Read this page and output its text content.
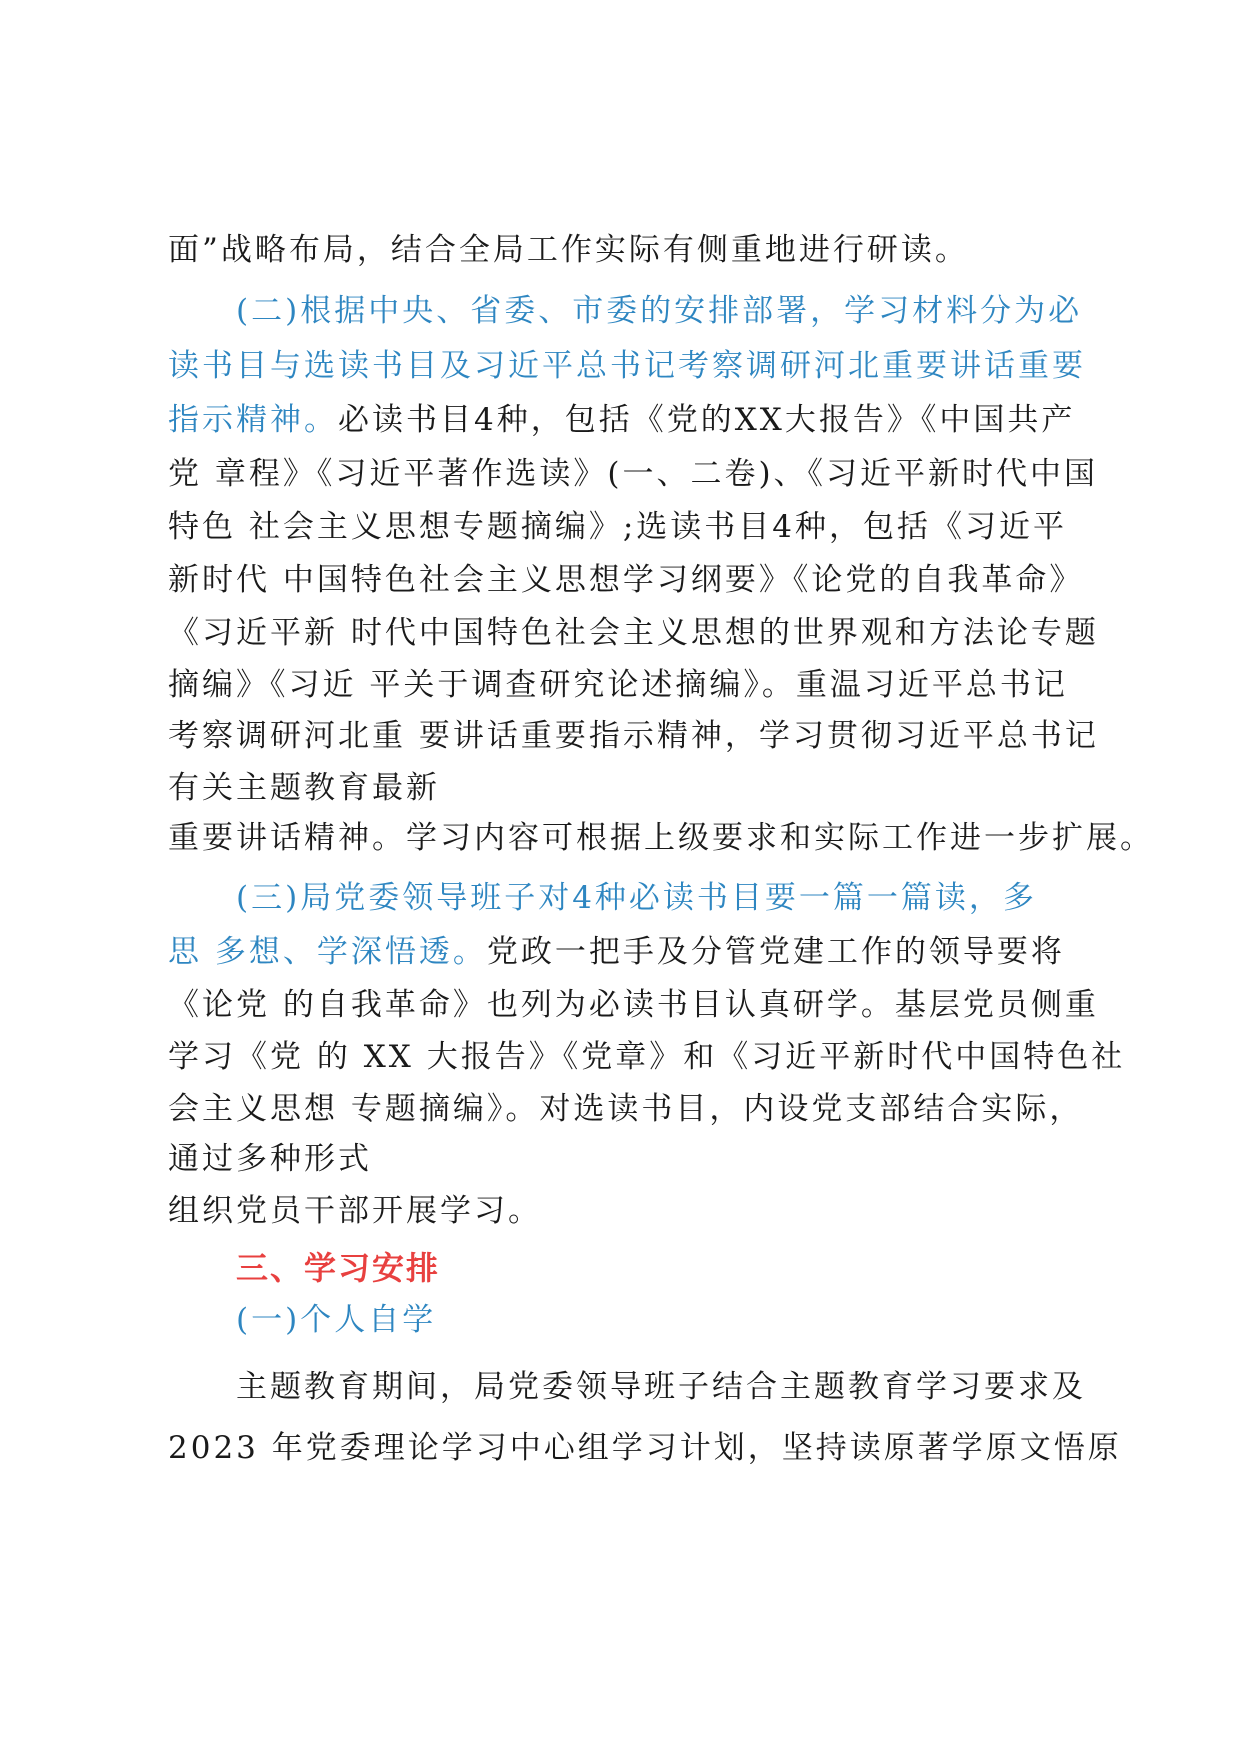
面”战略布局，结合全局工作实际有侧重地进行研读。
(二)根据中央、省委、市委的安排部署，学习材料分为必
读书目与选读书目及习近平总书记考察调研河北重要讲话重要
指示精神。必读书目4种，包括《党的XX大报告》《中国共产
党 章程》《习近平著作选读》(一、二卷)、《习近平新时代中国
特色 社会主义思想专题摘编》;选读书目4种，包括《习近平
新时代 中国特色社会主义思想学习纲要》《论党的自我革命》
《习近平新 时代中国特色社会主义思想的世界观和方法论专题
摘编》《习近 平关于调查研究论述摘编》。重温习近平总书记
考察调研河北重 要讲话重要指示精神，学习贯彻习近平总书记
有关主题教育最新
重要讲话精神。学习内容可根据上级要求和实际工作进一步扩展。
(三)局党委领导班子对4种必读书目要一篇一篇读，多
思 多想、学深悟透。党政一把手及分管党建工作的领导要将
《论党 的自我革命》也列为必读书目认真研学。基层党员侧重
学习《党 的 XX 大报告》《党章》和《习近平新时代中国特色社
会主义思想 专题摘编》。对选读书目，内设党支部结合实际，
通过多种形式
组织党员干部开展学习。
三、学习安排
(一)个人自学
主题教育期间，局党委领导班子结合主题教育学习要求及
2023 年党委理论学习中心组学习计划，坚持读原著学原文悟原
